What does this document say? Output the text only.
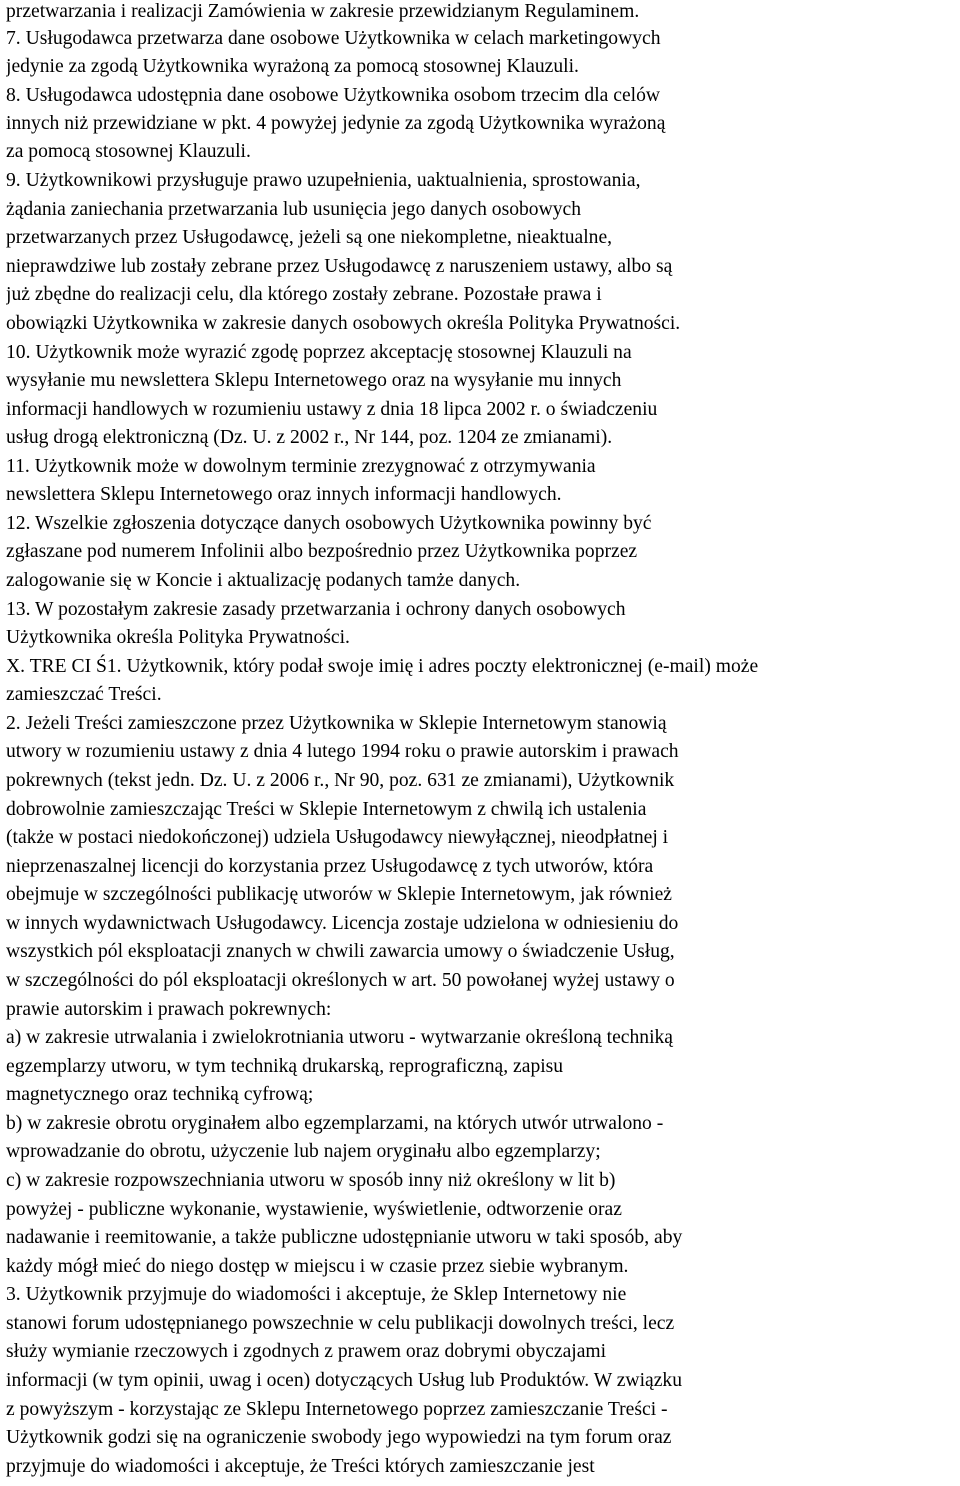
przetwarzania i realizacji Zamówienia w zakresie przewidzianym Regulaminem.
7. Usługodawca przetwarza dane osobowe Użytkownika w celach marketingowych
jedynie za zgodą Użytkownika wyrażoną za pomocą stosownej Klauzuli.
8. Usługodawca udostępnia dane osobowe Użytkownika osobom trzecim dla celów
innych niż przewidziane w pkt. 4 powyżej jedynie za zgodą Użytkownika wyrażoną
za pomocą stosownej Klauzuli.
9. Użytkownikowi przysługuje prawo uzupełnienia, uaktualnienia, sprostowania,
żądania zaniechania przetwarzania lub usunięcia jego danych osobowych
przetwarzanych przez Usługodawcę, jeżeli są one niekompletne, nieaktualne,
nieprawdziwe lub zostały zebrane przez Usługodawcę z naruszeniem ustawy, albo są
już zbędne do realizacji celu, dla którego zostały zebrane. Pozostałe prawa i
obowiązki Użytkownika w zakresie danych osobowych określa Polityka Prywatności.
10. Użytkownik może wyrazić zgodę poprzez akceptację stosownej Klauzuli na
wysyłanie mu newslettera Sklepu Internetowego oraz na wysyłanie mu innych
informacji handlowych w rozumieniu ustawy z dnia 18 lipca 2002 r. o świadczeniu
usług drogą elektroniczną (Dz. U. z 2002 r., Nr 144, poz. 1204 ze zmianami).
11. Użytkownik może w dowolnym terminie zrezygnować z otrzymywania
newslettera Sklepu Internetowego oraz innych informacji handlowych.
12. Wszelkie zgłoszenia dotyczące danych osobowych Użytkownika powinny być
zgłaszane pod numerem Infolinii albo bezpośrednio przez Użytkownika poprzez
zalogowanie się w Koncie i aktualizację podanych tamże danych.
13. W pozostałym zakresie zasady przetwarzania i ochrony danych osobowych
Użytkownika określa Polityka Prywatności.
X. TRE CI Ś1. Użytkownik, który podał swoje imię i adres poczty elektronicznej (e-mail) może
zamieszczać Treści.
2. Jeżeli Treści zamieszczone przez Użytkownika w Sklepie Internetowym stanowią
utwory w rozumieniu ustawy z dnia 4 lutego 1994 roku o prawie autorskim i prawach
pokrewnych (tekst jedn. Dz. U. z 2006 r., Nr 90, poz. 631 ze zmianami), Użytkownik
dobrowolnie zamieszczając Treści w Sklepie Internetowym z chwilą ich ustalenia
(także w postaci niedokończonej) udziela Usługodawcy niewyłącznej, nieodpłatnej i
nieprzenaszalnej licencji do korzystania przez Usługodawcę z tych utworów, która
obejmuje w szczególności publikację utworów w Sklepie Internetowym, jak również
w innych wydawnictwach Usługodawcy. Licencja zostaje udzielona w odniesieniu do
wszystkich pól eksploatacji znanych w chwili zawarcia umowy o świadczenie Usług,
w szczególności do pól eksploatacji określonych w art. 50 powołanej wyżej ustawy o
prawie autorskim i prawach pokrewnych:
a) w zakresie utrwalania i zwielokrotniania utworu - wytwarzanie określoną techniką
egzemplarzy utworu, w tym techniką drukarską, reprograficzną, zapisu
magnetycznego oraz techniką cyfrową;
b) w zakresie obrotu oryginałem albo egzemplarzami, na których utwór utrwalono -
wprowadzanie do obrotu, użyczenie lub najem oryginału albo egzemplarzy;
c) w zakresie rozpowszechniania utworu w sposób inny niż określony w lit b)
powyżej - publiczne wykonanie, wystawienie, wyświetlenie, odtworzenie oraz
nadawanie i reemitowanie, a także publiczne udostępnianie utworu w taki sposób, aby
każdy mógł mieć do niego dostęp w miejscu i w czasie przez siebie wybranym.
3. Użytkownik przyjmuje do wiadomości i akceptuje, że Sklep Internetowy nie
stanowi forum udostępnianego powszechnie w celu publikacji dowolnych treści, lecz
służy wymianie rzeczowych i zgodnych z prawem oraz dobrymi obyczajami
informacji (w tym opinii, uwag i ocen) dotyczących Usług lub Produktów. W związku
z powyższym - korzystając ze Sklepu Internetowego poprzez zamieszczanie Treści -
Użytkownik godzi się na ograniczenie swobody jego wypowiedzi na tym forum oraz
przyjmuje do wiadomości i akceptuje, że Treści których zamieszczanie jest
